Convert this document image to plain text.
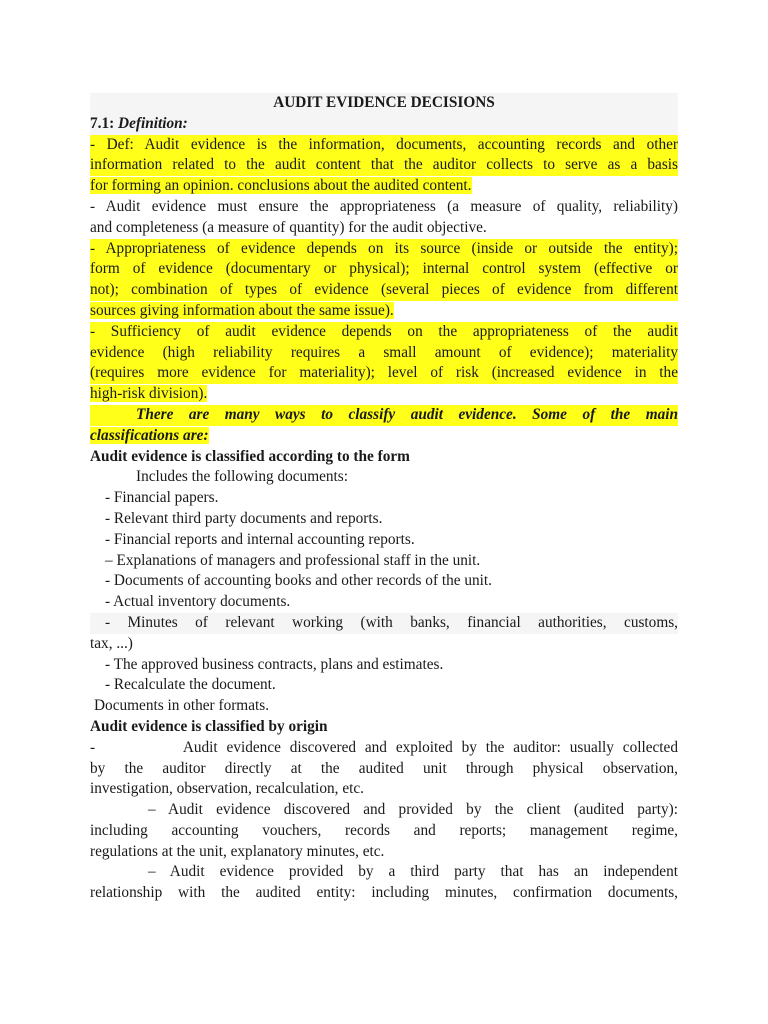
AUDIT EVIDENCE DECISIONS
7.1: Definition:
- Def: Audit evidence is the information, documents, accounting records and other
information related to the audit content that the auditor collects to serve as a basis
for forming an opinion. conclusions about the audited content.
- Audit evidence must ensure the appropriateness (a measure of quality, reliability)
and completeness (a measure of quantity) for the audit objective.
- Appropriateness of evidence depends on its source (inside or outside the entity);
form of evidence (documentary or physical); internal control system (effective or
not); combination of types of evidence (several pieces of evidence from different
sources giving information about the same issue).
- Sufficiency of audit evidence depends on the appropriateness of the audit
evidence (high reliability requires a small amount of evidence); materiality
(requires more evidence for materiality); level of risk (increased evidence in the
high-risk division).
There are many ways to classify audit evidence. Some of the main
classifications are:
Audit evidence is classified according to the form
Includes the following documents:
- Financial papers.
- Relevant third party documents and reports.
- Financial reports and internal accounting reports.
– Explanations of managers and professional staff in the unit.
- Documents of accounting books and other records of the unit.
- Actual inventory documents.
- Minutes of relevant working (with banks, financial authorities, customs,
tax, ...)
- The approved business contracts, plans and estimates.
- Recalculate the document.
Documents in other formats.
Audit evidence is classified by origin
-          Audit evidence discovered and exploited by the auditor: usually collected
by the auditor directly at the audited unit through physical observation,
investigation, observation, recalculation, etc.
– Audit evidence discovered and provided by the client (audited party):
including accounting vouchers, records and reports; management regime,
regulations at the unit, explanatory minutes, etc.
– Audit evidence provided by a third party that has an independent
relationship with the audited entity: including minutes, confirmation documents,
